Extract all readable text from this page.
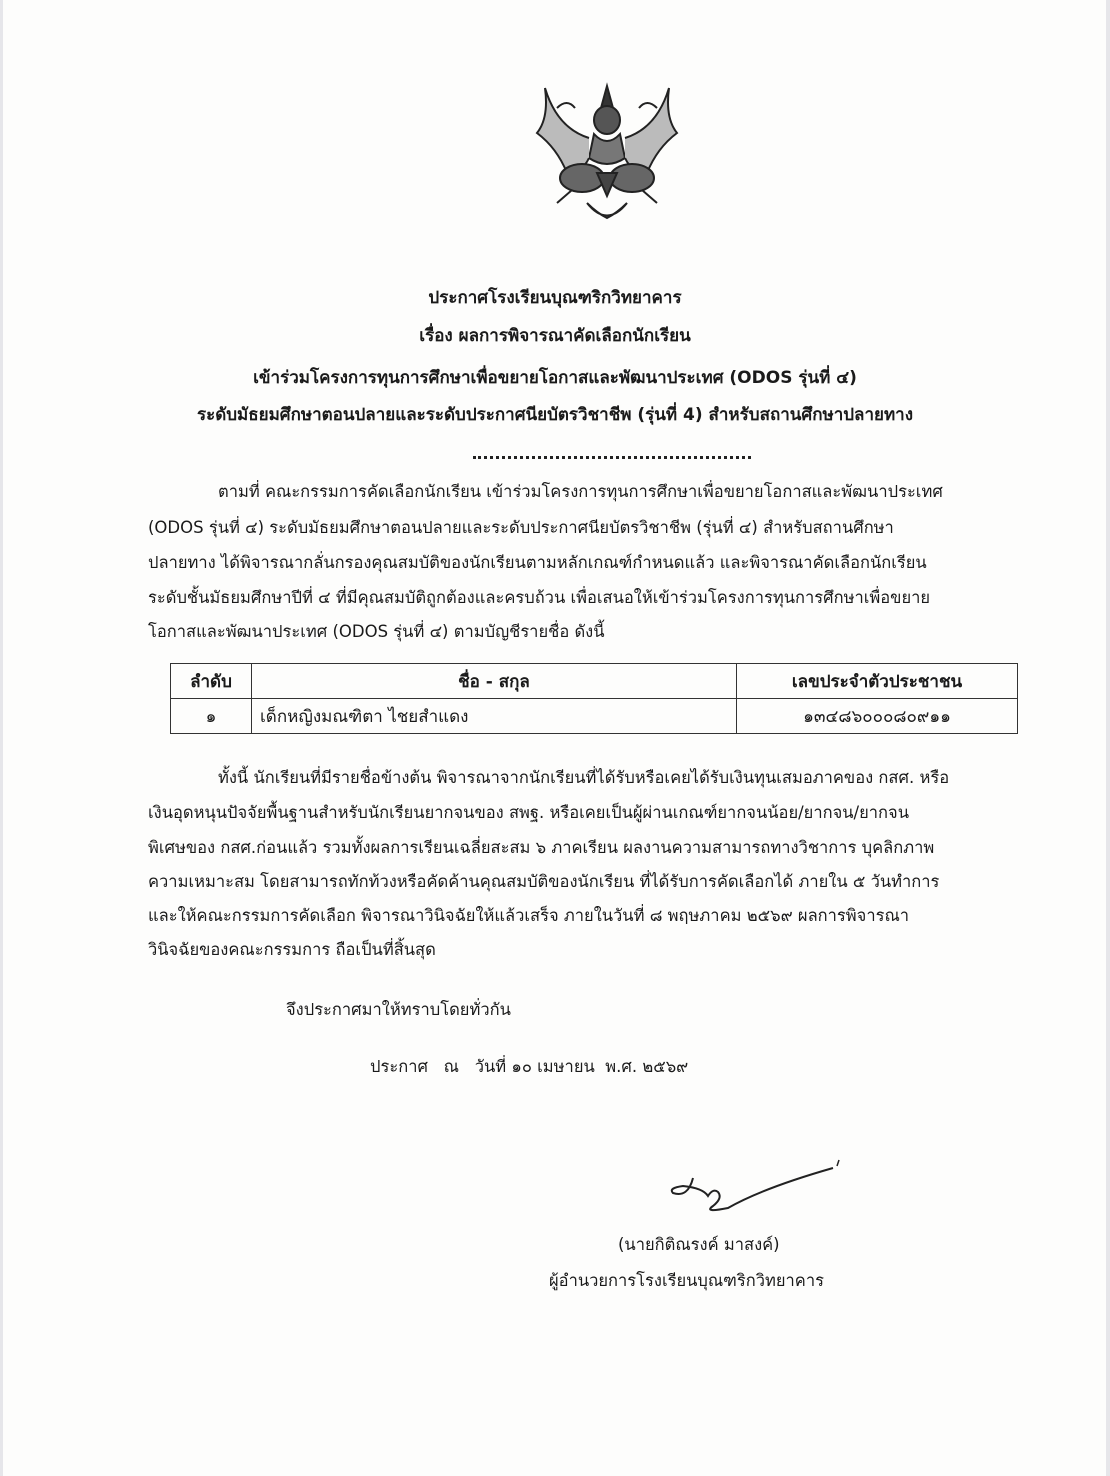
ประกาศโรงเรียนบุณฑริกวิทยาคาร
เรื่อง ผลการพิจารณาคัดเลือกนักเรียน
เข้าร่วมโครงการทุนการศึกษาเพื่อขยายโอกาสและพัฒนาประเทศ (ODOS รุ่นที่ ๔)
ระดับมัธยมศึกษาตอนปลายและระดับประกาศนียบัตรวิชาชีพ (รุ่นที่ 4) สำหรับสถานศึกษาปลายทาง
ตามที่ คณะกรรมการคัดเลือกนักเรียน เข้าร่วมโครงการทุนการศึกษาเพื่อขยายโอกาสและพัฒนาประเทศ
(ODOS รุ่นที่ ๔) ระดับมัธยมศึกษาตอนปลายและระดับประกาศนียบัตรวิชาชีพ (รุ่นที่ ๔) สำหรับสถานศึกษา
ปลายทาง ได้พิจารณากลั่นกรองคุณสมบัติของนักเรียนตามหลักเกณฑ์กำหนดแล้ว และพิจารณาคัดเลือกนักเรียน
ระดับชั้นมัธยมศึกษาปีที่ ๔ ที่มีคุณสมบัติถูกต้องและครบถ้วน เพื่อเสนอให้เข้าร่วมโครงการทุนการศึกษาเพื่อขยาย
โอกาสและพัฒนาประเทศ (ODOS รุ่นที่ ๔) ตามบัญชีรายชื่อ ดังนี้
ลำดับ	ชื่อ - สกุล	เลขประจำตัวประชาชน
๑	เด็กหญิงมณฑิตา ไชยสำแดง	๑๓๔๘๖๐๐๐๘๐๙๑๑
ทั้งนี้ นักเรียนที่มีรายชื่อข้างต้น พิจารณาจากนักเรียนที่ได้รับหรือเคยได้รับเงินทุนเสมอภาคของ กสศ. หรือ
เงินอุดหนุนปัจจัยพื้นฐานสำหรับนักเรียนยากจนของ สพฐ. หรือเคยเป็นผู้ผ่านเกณฑ์ยากจนน้อย/ยากจน/ยากจน
พิเศษของ กสศ.ก่อนแล้ว รวมทั้งผลการเรียนเฉลี่ยสะสม ๖ ภาคเรียน ผลงานความสามารถทางวิชาการ บุคลิกภาพ
ความเหมาะสม โดยสามารถทักท้วงหรือคัดค้านคุณสมบัติของนักเรียน ที่ได้รับการคัดเลือกได้ ภายใน ๕ วันทำการ
และให้คณะกรรมการคัดเลือก พิจารณาวินิจฉัยให้แล้วเสร็จ ภายในวันที่ ๘ พฤษภาคม ๒๕๖๙ ผลการพิจารณา
วินิจฉัยของคณะกรรมการ ถือเป็นที่สิ้นสุด
จึงประกาศมาให้ทราบโดยทั่วกัน
ประกาศ   ณ   วันที่ ๑๐ เมษายน  พ.ศ. ๒๕๖๙
(นายกิติณรงค์ มาสงค์)
ผู้อำนวยการโรงเรียนบุณฑริกวิทยาคาร
